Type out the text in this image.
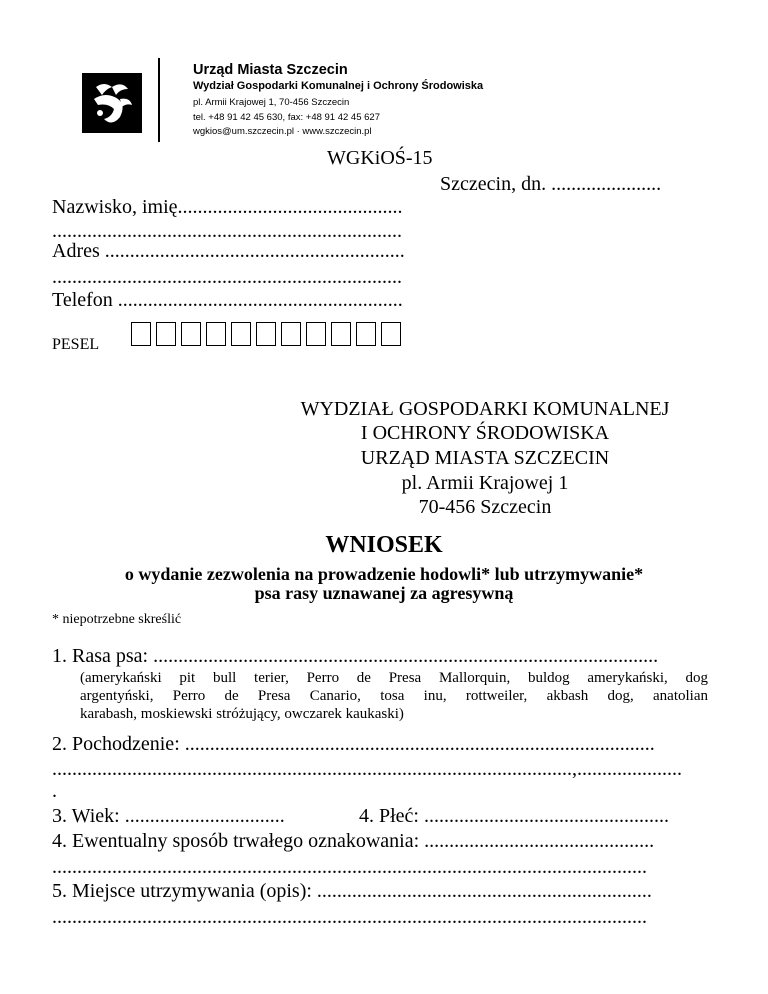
Urząd Miasta Szczecin
Wydział Gospodarki Komunalnej i Ochrony Środowiska
pl. Armii Krajowej 1, 70-456 Szczecin
tel. +48 91 42 45 630, fax: +48 91 42 45 627
wgkios@um.szczecin.pl · www.szczecin.pl
WGKiOŚ-15
Szczecin, dn. ......................
Nazwisko, imię.............................................
......................................................................
Adres ............................................................
......................................................................
Telefon .........................................................
PESEL
WYDZIAŁ GOSPODARKI KOMUNALNEJ
I OCHRONY ŚRODOWISKA
URZĄD MIASTA SZCZECIN
pl. Armii Krajowej 1
70-456 Szczecin
WNIOSEK
o wydanie zezwolenia na prowadzenie hodowli* lub utrzymywanie*
psa rasy uznawanej za agresywną
* niepotrzebne skreślić
1. Rasa psa: .....................................................................................................
(amerykański pit bull terier, Perro de Presa Mallorquin, buldog amerykański, dog
argentyński, Perro de Presa Canario, tosa inu, rottweiler, akbash dog, anatolian
karabash, moskiewski stróżujący, owczarek kaukaski)
2. Pochodzenie: ..............................................................................................
........................................................................................................,.....................
.
3. Wiek: ................................	4. Płeć: .................................................
4. Ewentualny sposób trwałego oznakowania: ..............................................
.......................................................................................................................
5. Miejsce utrzymywania (opis): ...................................................................
.......................................................................................................................
